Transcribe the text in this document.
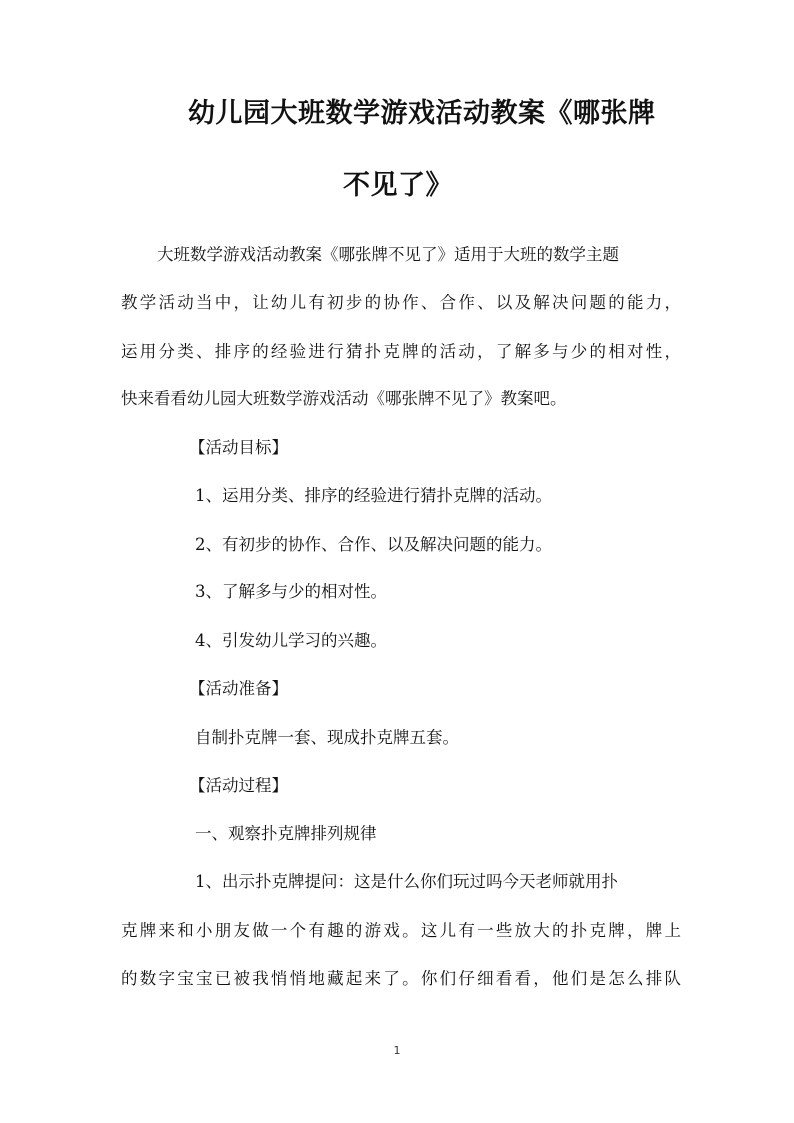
幼儿园大班数学游戏活动教案《哪张牌
不见了》
大班数学游戏活动教案《哪张牌不见了》适用于大班的数学主题
教学活动当中，让幼儿有初步的协作、合作、以及解决问题的能力，
运用分类、排序的经验进行猜扑克牌的活动，了解多与少的相对性，
快来看看幼儿园大班数学游戏活动《哪张牌不见了》教案吧。
【活动目标】
1、运用分类、排序的经验进行猜扑克牌的活动。
2、有初步的协作、合作、以及解决问题的能力。
3、了解多与少的相对性。
4、引发幼儿学习的兴趣。
【活动准备】
自制扑克牌一套、现成扑克牌五套。
【活动过程】
一、观察扑克牌排列规律
1、出示扑克牌提问：这是什么你们玩过吗今天老师就用扑
克牌来和小朋友做一个有趣的游戏。这儿有一些放大的扑克牌，牌上
的数字宝宝已被我悄悄地藏起来了。你们仔细看看，他们是怎么排队
1
